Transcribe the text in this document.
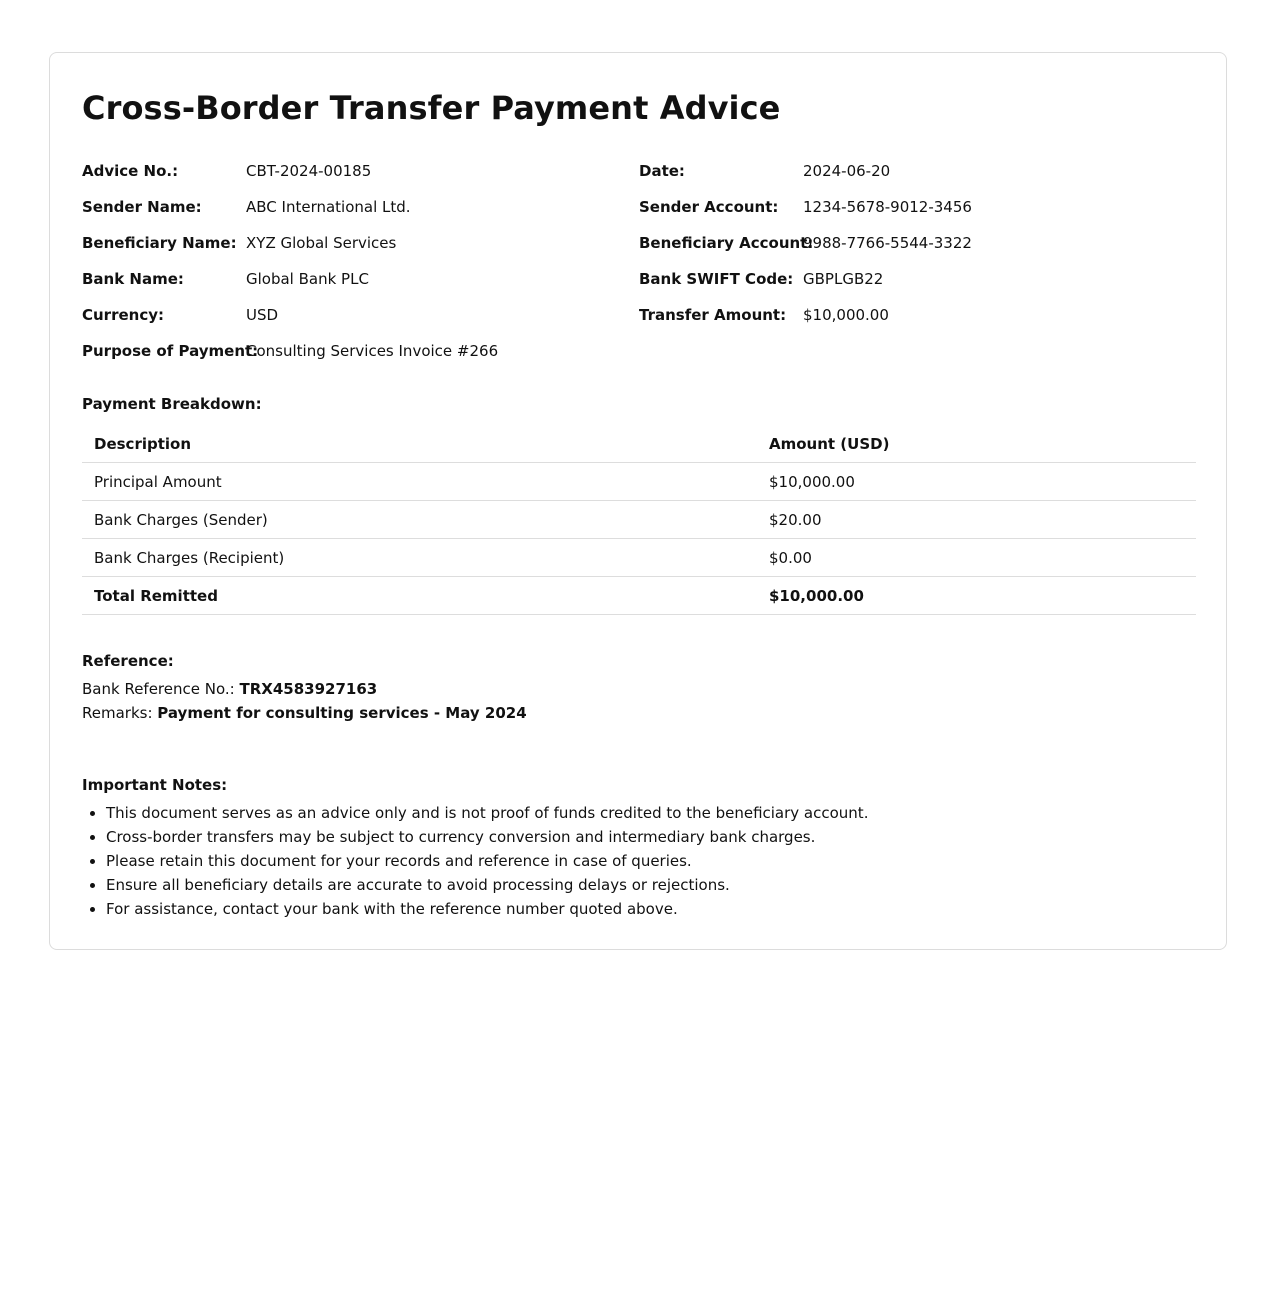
Cross-Border Transfer Payment Advice
Advice No.:	CBT-2024-00185	Date:	2024-06-20
Sender Name:	ABC International Ltd.	Sender Account: 1234-5678-9012-3456
Beneficiary Name: XYZ Global Services	Beneficiary Account:
9988-7766-5544-3322
Bank Name:	Global Bank PLC	Bank SWIFT Code: GBPLGB22
Currency:	USD	Transfer Amount: $10,000.00
Purpose of Payment:
Consulting Services Invoice #266
Payment Breakdown:
Description	Amount (USD)
Principal Amount	$10,000.00
Bank Charges (Sender)	$20.00
Bank Charges (Recipient)	$0.00
Total Remitted	$10,000.00
Reference:
Bank Reference No.: TRX4583927163
Remarks: Payment for consulting services - May 2024
Important Notes:
• This document serves as an advice only and is not proof of funds credited to the beneficiary account.
• Cross-border transfers may be subject to currency conversion and intermediary bank charges.
• Please retain this document for your records and reference in case of queries.
• Ensure all beneficiary details are accurate to avoid processing delays or rejections.
• For assistance, contact your bank with the reference number quoted above.
